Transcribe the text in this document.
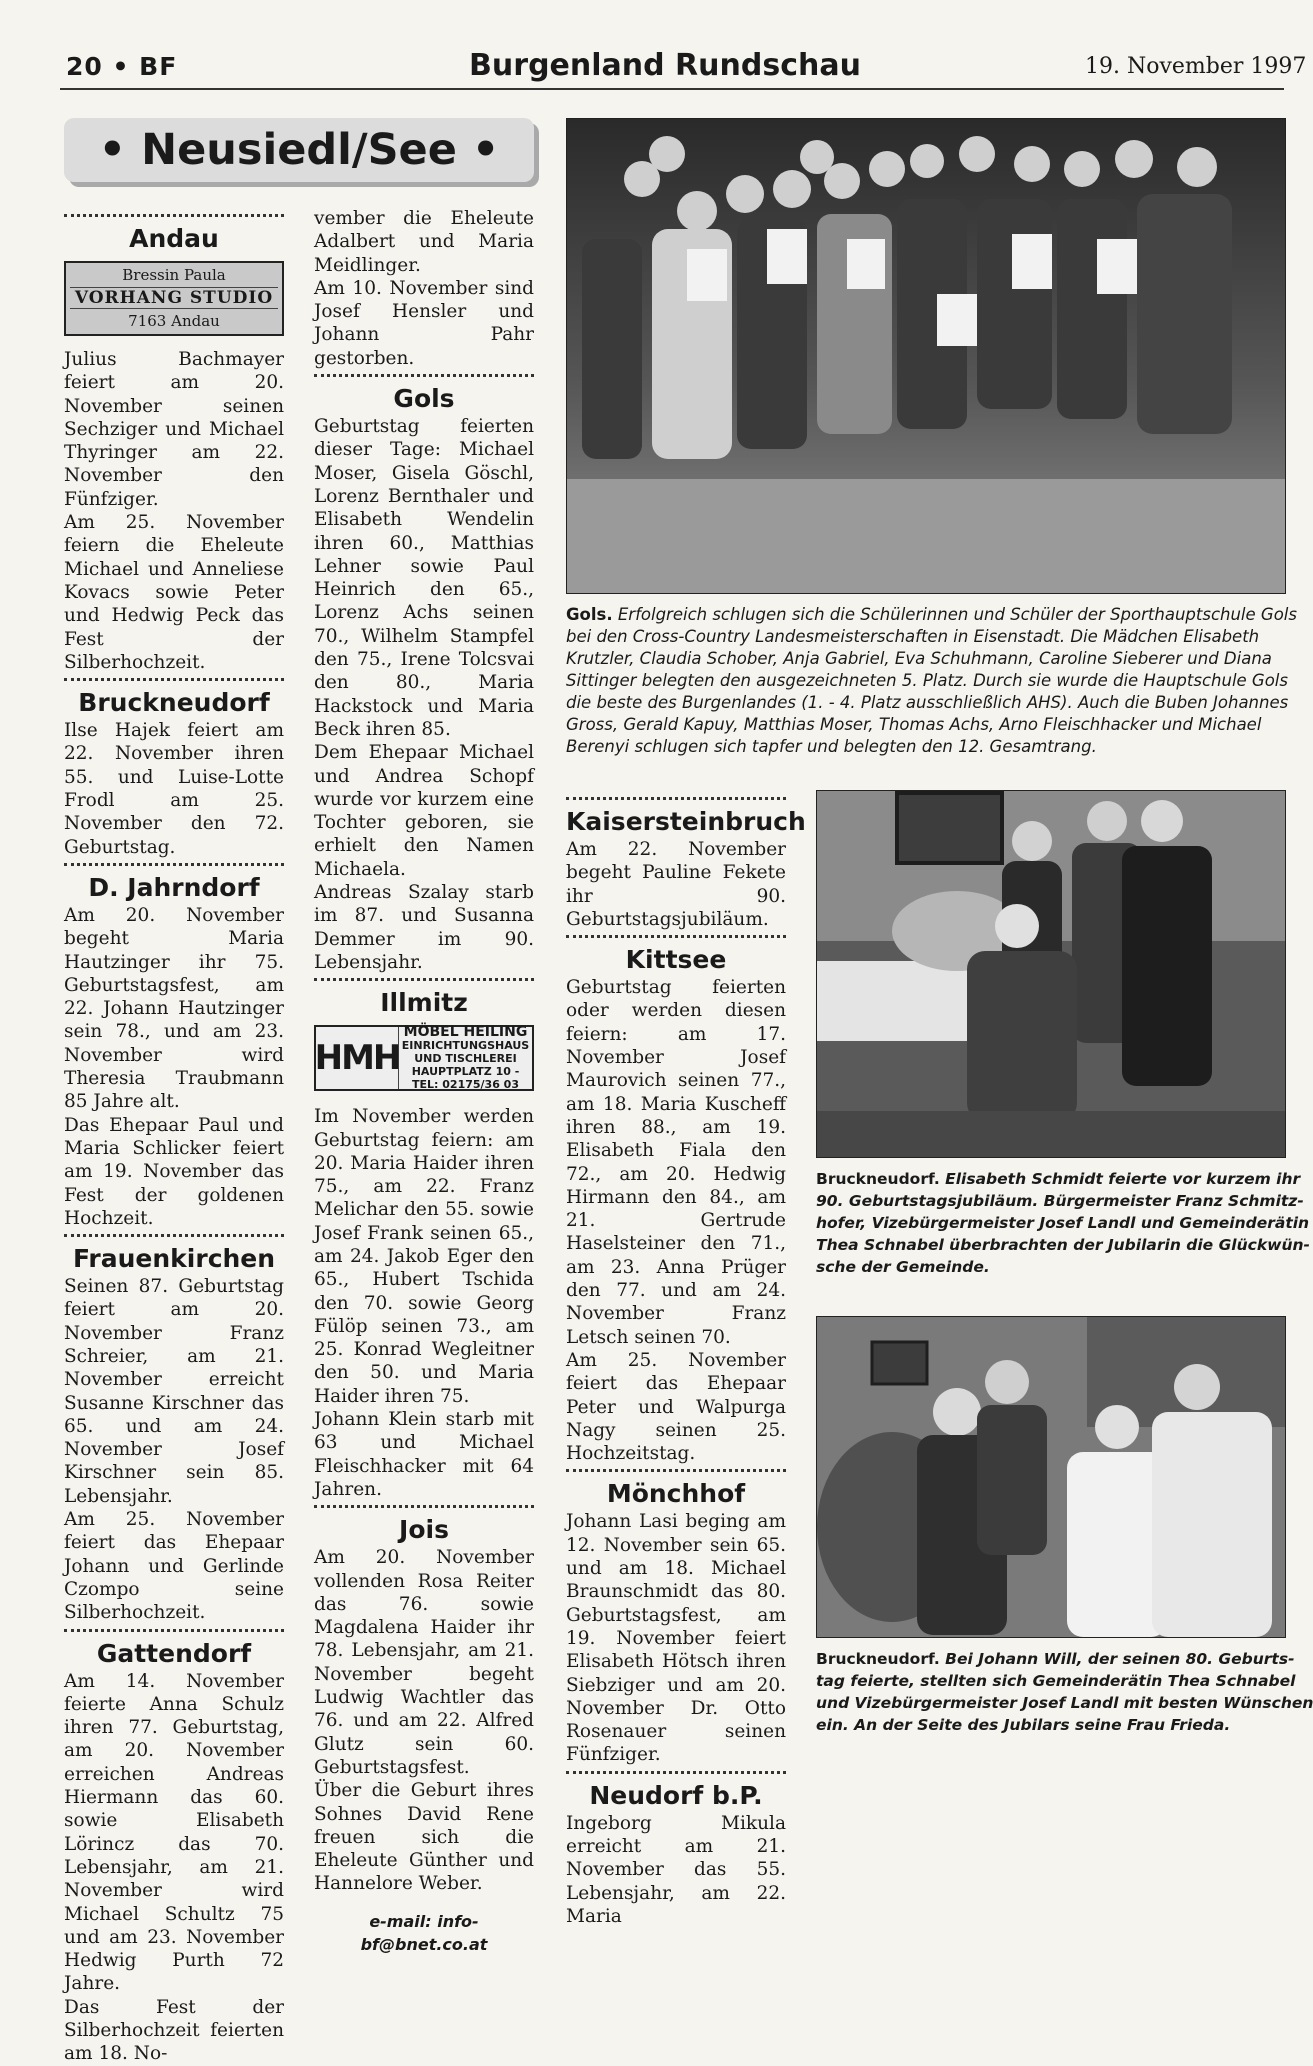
20 • BF	Burgenland Rundschau	19. November 1997
• Neusiedl/See •
Andau
Bressin Paula
VORHANG STUDIO
7163 Andau

Julius Bachmayer feiert am 20. November seinen Sechziger und Michael Thyringer am 22. November den Fünfziger.

Am 25. November feiern die Eheleute Michael und Anneliese Kovacs sowie Peter und Hedwig Peck das Fest der Silberhochzeit.

Bruckneudorf

Ilse Hajek feiert am 22. November ihren 55. und Luise-Lotte Frodl am 25. November den 72. Geburtstag.

D. Jahrndorf

Am 20. November begeht Maria Hautzinger ihr 75. Geburtstagsfest, am 22. Johann Hautzinger sein 78., und am 23. November wird Theresia Traubmann 85 Jahre alt.

Das Ehepaar Paul und Maria Schlicker feiert am 19. November das Fest der goldenen Hochzeit.

Frauenkirchen

Seinen 87. Geburtstag feiert am 20. November Franz Schreier, am 21. November erreicht Susanne Kirschner das 65. und am 24. November Josef Kirschner sein 85. Lebensjahr.

Am 25. November feiert das Ehepaar Johann und Gerlinde Czompo seine Silberhochzeit.

Gattendorf

Am 14. November feierte Anna Schulz ihren 77. Geburtstag, am 20. November erreichen Andreas Hiermann das 60. sowie Elisabeth Lörincz das 70. Lebensjahr, am 21. November wird Michael Schultz 75 und am 23. November Hedwig Purth 72 Jahre.

Das Fest der Silberhochzeit feierten am 18. No-

vember die Eheleute Adalbert und Maria Meidlinger.

Am 10. November sind Josef Hensler und Johann Pahr gestorben.

Gols

Geburtstag feierten dieser Tage: Michael Moser, Gisela Göschl, Lorenz Bernthaler und Elisabeth Wendelin ihren 60., Matthias Lehner sowie Paul Heinrich den 65., Lorenz Achs seinen 70., Wilhelm Stampfel den 75., Irene Tolcsvai den 80., Maria Hackstock und Maria Beck ihren 85.

Dem Ehepaar Michael und Andrea Schopf wurde vor kurzem eine Tochter geboren, sie erhielt den Namen Michaela.

Andreas Szalay starb im 87. und Susanna Demmer im 90. Lebensjahr.

Illmitz
HMH
MÖBEL HEILING
EINRICHTUNGSHAUS
UND TISCHLEREI
HAUPTPLATZ 10 - TEL: 02175/36 03

Im November werden Geburtstag feiern: am 20. Maria Haider ihren 75., am 22. Franz Melichar den 55. sowie Josef Frank seinen 65., am 24. Jakob Eger den 65., Hubert Tschida den 70. sowie Georg Fülöp seinen 73., am 25. Konrad Wegleitner den 50. und Maria Haider ihren 75.

Johann Klein starb mit 63 und Michael Fleischhacker mit 64 Jahren.

Jois

Am 20. November vollenden Rosa Reiter das 76. sowie Magdalena Haider ihr 78. Lebensjahr, am 21. November begeht Ludwig Wachtler das 76. und am 22. Alfred Glutz sein 60. Geburtstagsfest.

Über die Geburt ihres Sohnes David Rene freuen sich die Eheleute Günther und Hannelore Weber.

e-mail: info-bf@bnet.co.at
Kaisersteinbruch

Am 22. November begeht Pauline Fekete ihr 90. Geburtstagsjubiläum.

Kittsee

Geburtstag feierten oder werden diesen feiern: am 17. November Josef Maurovich seinen 77., am 18. Maria Kuscheff ihren 88., am 19. Elisabeth Fiala den 72., am 20. Hedwig Hirmann den 84., am 21. Gertrude Haselsteiner den 71., am 23. Anna Prüger den 77. und am 24. November Franz Letsch seinen 70.

Am 25. November feiert das Ehepaar Peter und Walpurga Nagy seinen 25. Hochzeitstag.

Mönchhof

Johann Lasi beging am 12. November sein 65. und am 18. Michael Braunschmidt das 80. Geburtstagsfest, am 19. November feiert Elisabeth Hötsch ihren Siebziger und am 20. November Dr. Otto Rosenauer seinen Fünfziger.

Neudorf b.P.

Ingeborg Mikula erreicht am 21. November das 55. Lebensjahr, am 22. Maria

Gols. Erfolgreich schlugen sich die Schülerinnen und Schüler der Sporthauptschule Gols
bei den Cross-Country Landesmeisterschaften in Eisenstadt. Die Mädchen Elisabeth
Krutzler, Claudia Schober, Anja Gabriel, Eva Schuhmann, Caroline Sieberer und Diana
Sittinger belegten den ausgezeichneten 5. Platz. Durch sie wurde die Hauptschule Gols
die beste des Burgenlandes (1. - 4. Platz ausschließlich AHS). Auch die Buben Johannes
Gross, Gerald Kapuy, Matthias Moser, Thomas Achs, Arno Fleischhacker und Michael
Berenyi schlugen sich tapfer und belegten den 12. Gesamtrang.
Bruckneudorf. Elisabeth Schmidt feierte vor kurzem ihr
90. Geburtstagsjubiläum. Bürgermeister Franz Schmitz-
hofer, Vizebürgermeister Josef Landl und Gemeinderätin
Thea Schnabel überbrachten der Jubilarin die Glückwün-
sche der Gemeinde.
Bruckneudorf. Bei Johann Will, der seinen 80. Geburts-
tag feierte, stellten sich Gemeinderätin Thea Schnabel
und Vizebürgermeister Josef Landl mit besten Wünschen
ein. An der Seite des Jubilars seine Frau Frieda.
